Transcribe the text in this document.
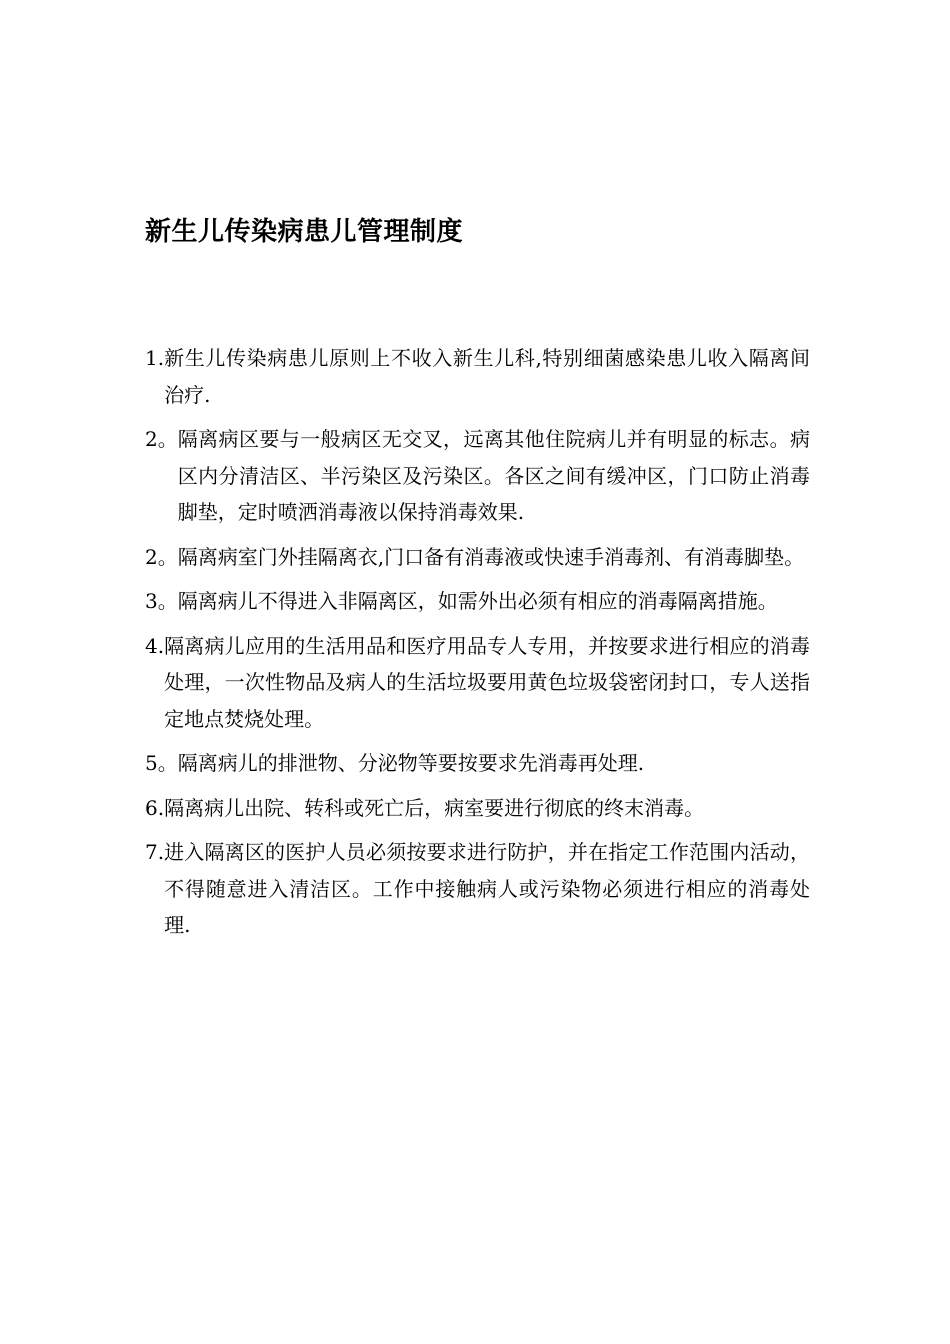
新生儿传染病患儿管理制度
1. 新生儿传染病患儿原则上不收入新生儿科,特别细菌感染患儿收入隔离间治疗.
2。 隔离病区要与一般病区无交叉，远离其他住院病儿并有明显的标志。病区内分清洁区、半污染区及污染区。各区之间有缓冲区，门口防止消毒脚垫，定时喷洒消毒液以保持消毒效果.
2。 隔离病室门外挂隔离衣,门口备有消毒液或快速手消毒剂、有消毒脚垫。
3。 隔离病儿不得进入非隔离区，如需外出必须有相应的消毒隔离措施。
4. 隔离病儿应用的生活用品和医疗用品专人专用，并按要求进行相应的消毒处理，一次性物品及病人的生活垃圾要用黄色垃圾袋密闭封口，专人送指定地点焚烧处理。
5。 隔离病儿的排泄物、分泌物等要按要求先消毒再处理.
6. 隔离病儿出院、转科或死亡后，病室要进行彻底的终末消毒。
7. 进入隔离区的医护人员必须按要求进行防护，并在指定工作范围内活动，不得随意进入清洁区。工作中接触病人或污染物必须进行相应的消毒处理.
